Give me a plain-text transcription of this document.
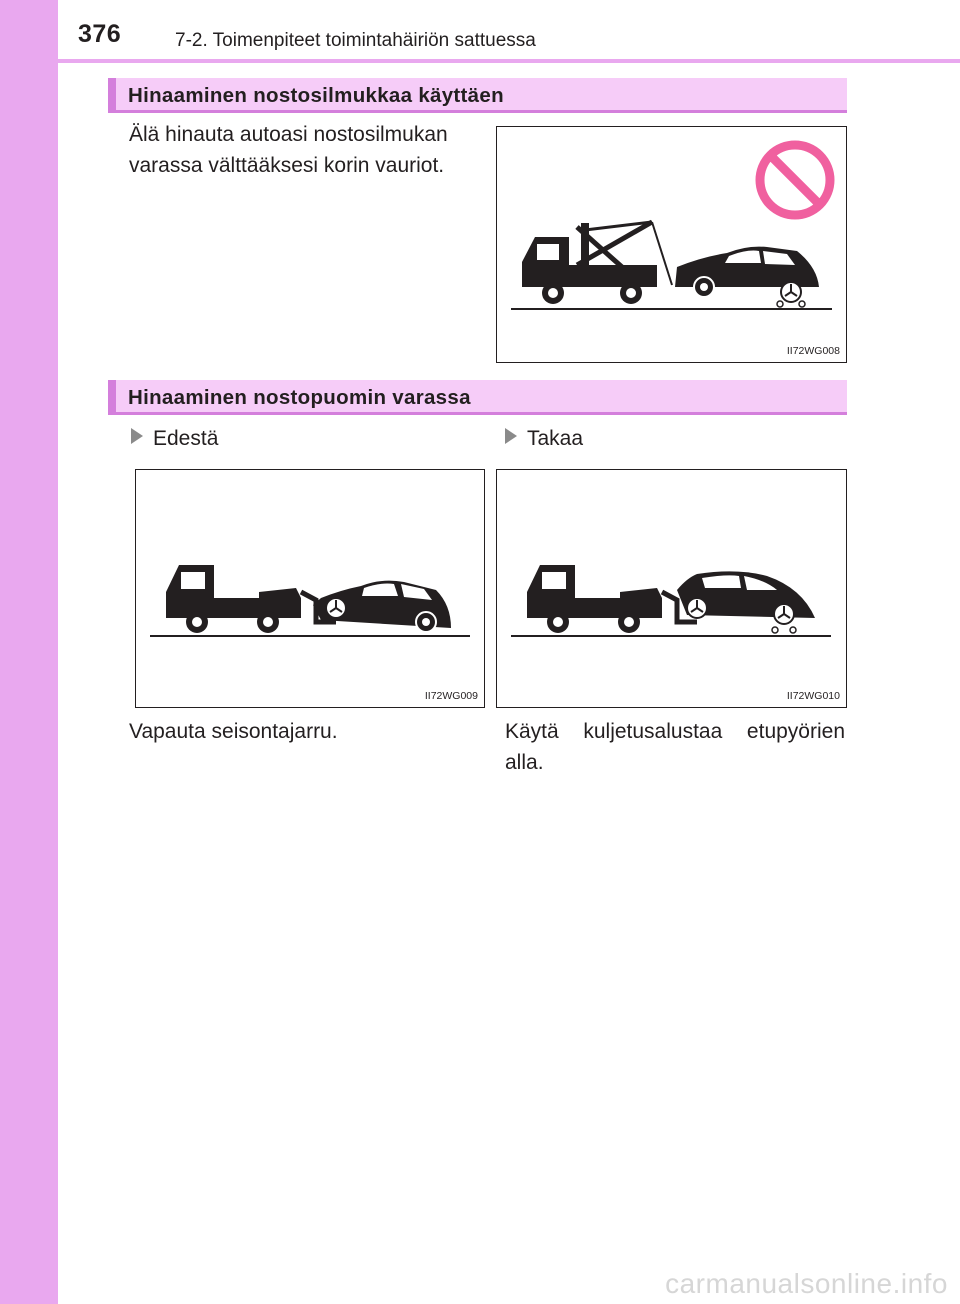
376	7-2. Toimenpiteet toimintahäiriön sattuessa
Hinaaminen nostosilmukkaa käyttäen
Älä hinauta autoasi nostosilmukan varassa välttääksesi korin vauriot.
II72WG008
Hinaaminen nostopuomin varassa
Edestä	Takaa
II72WG009	II72WG010
Vapauta seisontajarru.	Käytä kuljetusalustaa etupyörien alla.
carmanualsonline.info
